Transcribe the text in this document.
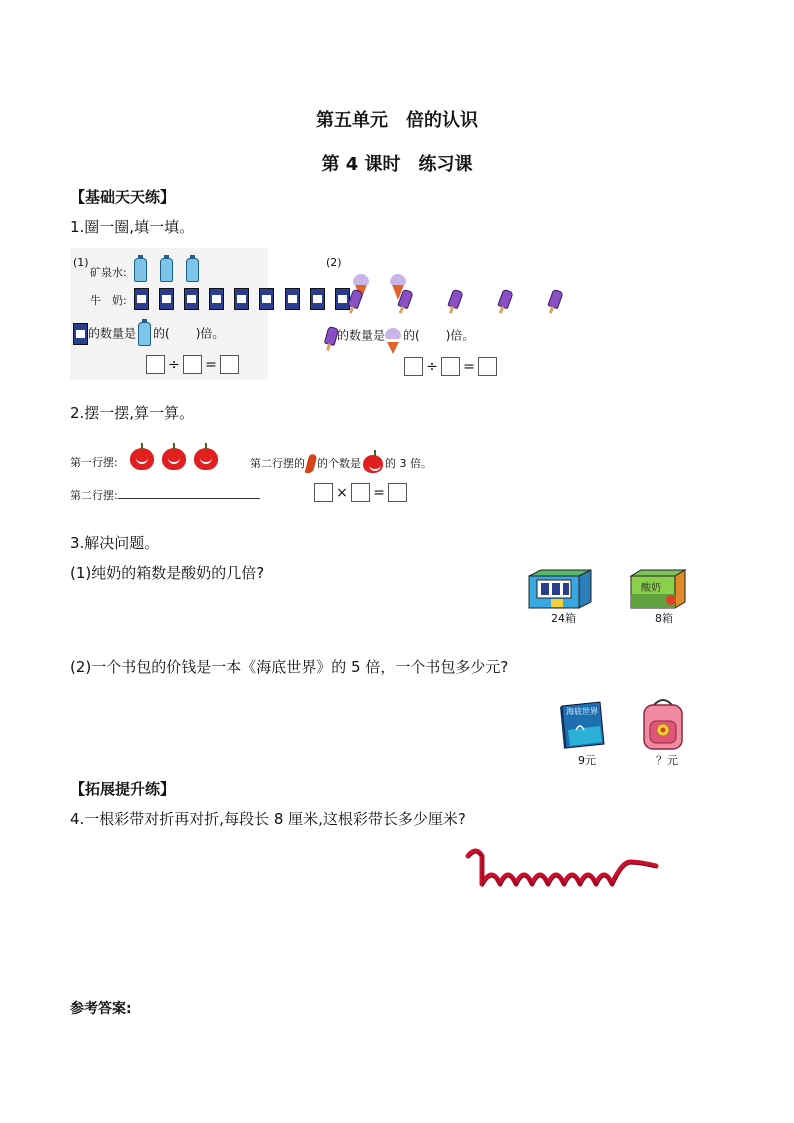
第五单元　倍的认识
第 4 课时　练习课
【基础天天练】
1.圈一圈,填一填。
(1)
矿泉水:

牛　奶:

的数量是 的( )倍。
÷ =
(2)

的数量是 的( )倍。
÷ =
2.摆一摆,算一算。
第一行摆:
	第二行摆的 的个数是 的 3 倍。
第二行摆:	× =
3.解决问题。
(1)纯奶的箱数是酸奶的几倍?
24箱
酸奶
8箱
(2)一个书包的价钱是一本《海底世界》的 5 倍，一个书包多少元?
海底世界
9元	？元
【拓展提升练】
4.一根彩带对折再对折,每段长 8 厘米,这根彩带长多少厘米?
参考答案:
